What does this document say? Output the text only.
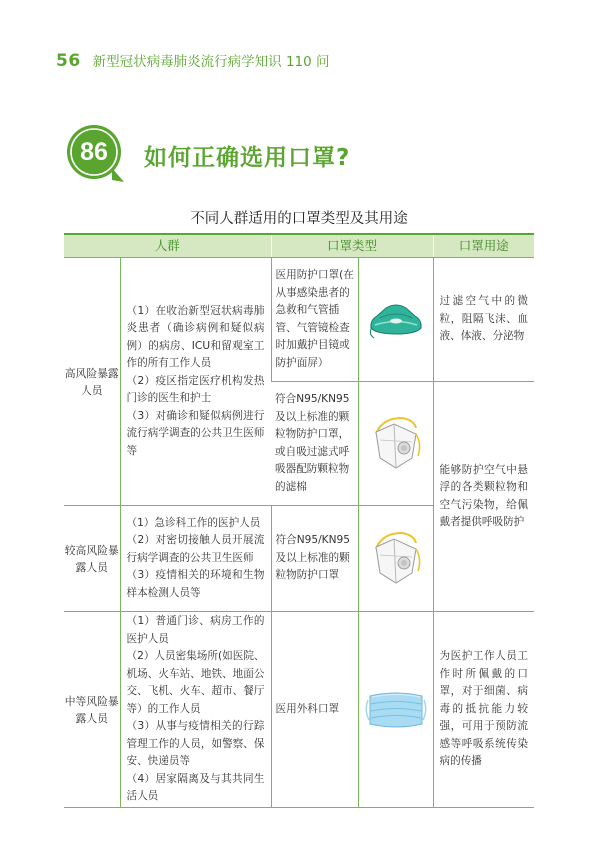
56 新型冠状病毒肺炎流行病学知识 110 问
86	如何正确选用口罩?
不同人群适用的口罩类型及其用途
人群		口罩类型		口罩用途
高风险暴露人员	（1）在收治新型冠状病毒肺炎患者（确诊病例和疑似病例）的病房、ICU和留观室工作的所有工作人员
（2）疫区指定医疗机构发热门诊的医生和护士
（3）对确诊和疑似病例进行流行病学调查的公共卫生医师等	医用防护口罩(在从事感染患者的急救和气管插管、气管镜检查时加戴护目镜或防护面屏）		过滤空气中的微粒，阻隔飞沫、血液、体液、分泌物
		符合N95/KN95及以上标准的颗粒物防护口罩，或自吸过滤式呼吸器配防颗粒物的滤棉		能够防护空气中悬浮的各类颗粒物和空气污染物，给佩戴者提供呼吸防护
较高风险暴露人员	（1）急诊科工作的医护人员
（2）对密切接触人员开展流行病学调查的公共卫生医师
（3）疫情相关的环境和生物样本检测人员等	符合N95/KN95及以上标准的颗粒物防护口罩	

中等风险暴露人员	（1）普通门诊、病房工作的医护人员
（2）人员密集场所(如医院、机场、火车站、地铁、地面公交、飞机、火车、超市、餐厅等）的工作人员
（3）从事与疫情相关的行踪管理工作的人员，如警察、保安、快递员等
（4）居家隔离及与其共同生活人员	医用外科口罩		为医护工作人员工作时所佩戴的口罩，对于细菌、病毒的抵抗能力较强，可用于预防流感等呼吸系统传染病的传播
